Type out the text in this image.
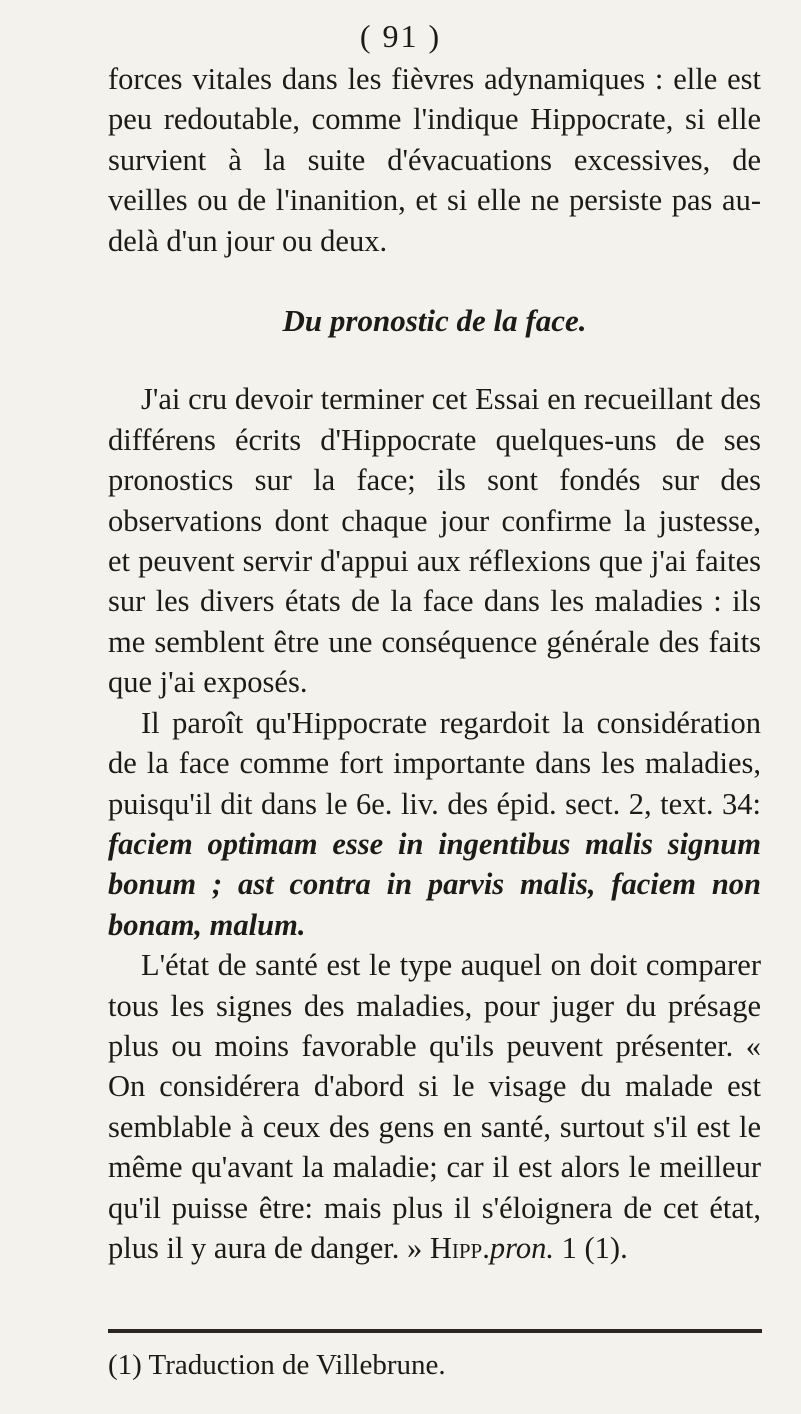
( 91 )

forces vitales dans les fièvres adynamiques : elle est peu redoutable, comme l'indique Hippocrate, si elle survient à la suite d'évacuations excessives, de veilles ou de l'inanition, et si elle ne persiste pas au-delà d'un jour ou deux.

Du pronostic de la face.

J'ai cru devoir terminer cet Essai en recueillant des différens écrits d'Hippocrate quelques-uns de ses pronostics sur la face; ils sont fondés sur des observations dont chaque jour confirme la justesse, et peuvent servir d'appui aux réflexions que j'ai faites sur les divers états de la face dans les maladies : ils me semblent être une conséquence générale des faits que j'ai exposés.

Il paroît qu'Hippocrate regardoit la considération de la face comme fort importante dans les maladies, puisqu'il dit dans le 6e. liv. des épid. sect. 2, text. 34: faciem optimam esse in ingentibus malis signum bonum ; ast contra in parvis malis, faciem non bonam, malum.

L'état de santé est le type auquel on doit comparer tous les signes des maladies, pour juger du présage plus ou moins favorable qu'ils peuvent présenter. « On considérera d'abord si le visage du malade est semblable à ceux des gens en santé, surtout s'il est le même qu'avant la maladie; car il est alors le meilleur qu'il puisse être: mais plus il s'éloignera de cet état, plus il y aura de danger. » Hipp.pron. 1 (1).

(1) Traduction de Villebrune.
